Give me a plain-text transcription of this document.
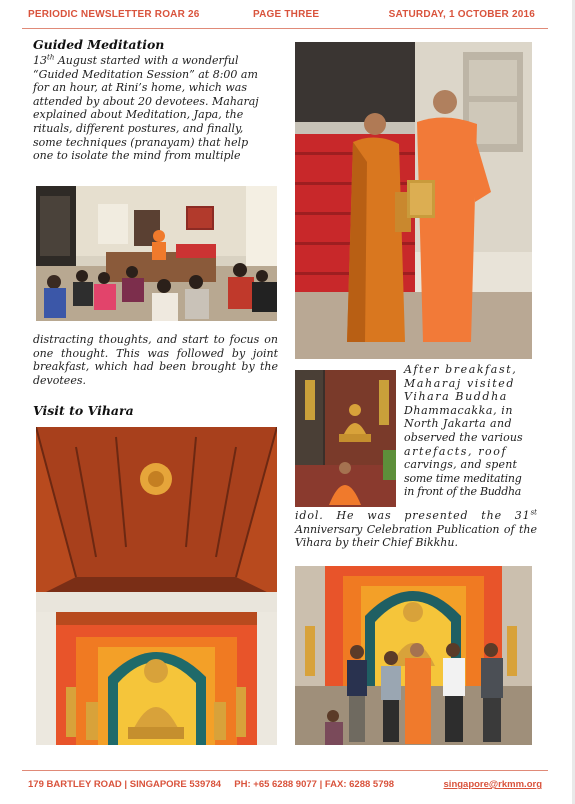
PERIODIC NEWSLETTER ROAR 26	PAGE THREE	SATURDAY, 1 OCTOBER 2016
Guided Meditation
13th August started with a wonderful
“Guided Meditation Session” at 8:00 am
for an hour, at Rini’s home, which was
attended by about 20 devotees. Maharaj
explained about Meditation, Japa, the
rituals, different postures, and finally,
some techniques (pranayam) that help
one to isolate the mind from multiple
distracting thoughts, and start to focus on one thought. This was followed by joint breakfast, which had been brought by the devotees.
Visit to Vihara
After breakfast,
Maharaj visited
Vihara Buddha
Dhammacakka, in
North Jakarta and
observed the various
artefacts, roof
carvings, and spent
some time meditating
in front of the Buddha
idol. He was presented the 31st Anniversary Celebration Publication of the Vihara by their Chief Bikkhu.
179 BARTLEY ROAD | SINGAPORE 539784     PH: +65 6288 9077 | FAX: 6288 5798	singapore@rkmm.org
